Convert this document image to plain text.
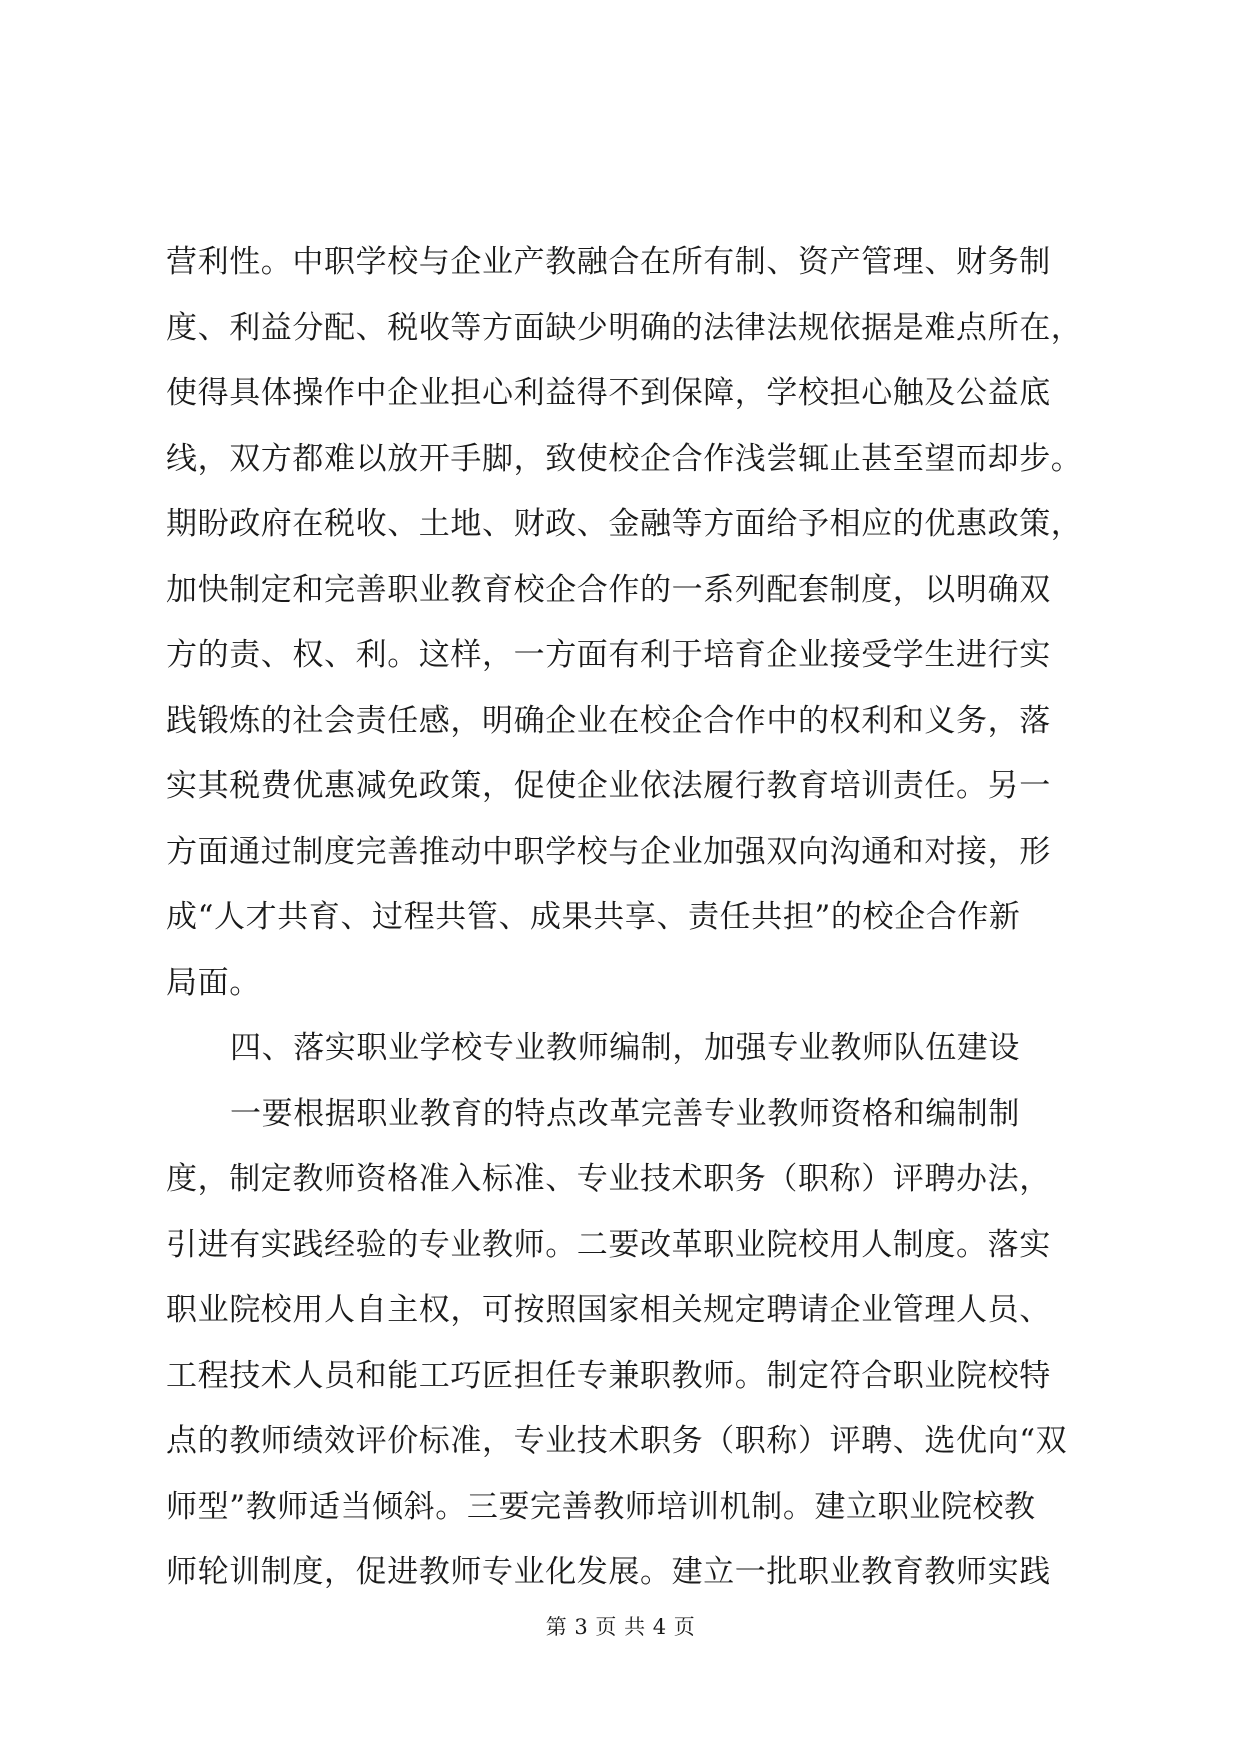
营利性。中职学校与企业产教融合在所有制、资产管理、财务制
度、利益分配、税收等方面缺少明确的法律法规依据是难点所在，
使得具体操作中企业担心利益得不到保障，学校担心触及公益底
线，双方都难以放开手脚，致使校企合作浅尝辄止甚至望而却步。
期盼政府在税收、土地、财政、金融等方面给予相应的优惠政策，
加快制定和完善职业教育校企合作的一系列配套制度，以明确双
方的责、权、利。这样，一方面有利于培育企业接受学生进行实
践锻炼的社会责任感，明确企业在校企合作中的权利和义务，落
实其税费优惠减免政策，促使企业依法履行教育培训责任。另一
方面通过制度完善推动中职学校与企业加强双向沟通和对接，形
成“人才共育、过程共管、成果共享、责任共担”的校企合作新
局面。
四、落实职业学校专业教师编制，加强专业教师队伍建设
一要根据职业教育的特点改革完善专业教师资格和编制制
度，制定教师资格准入标准、专业技术职务（职称）评聘办法，
引进有实践经验的专业教师。二要改革职业院校用人制度。落实
职业院校用人自主权，可按照国家相关规定聘请企业管理人员、
工程技术人员和能工巧匠担任专兼职教师。制定符合职业院校特
点的教师绩效评价标准，专业技术职务（职称）评聘、选优向“双
师型”教师适当倾斜。三要完善教师培训机制。建立职业院校教
师轮训制度，促进教师专业化发展。建立一批职业教育教师实践
第 3 页 共 4 页
